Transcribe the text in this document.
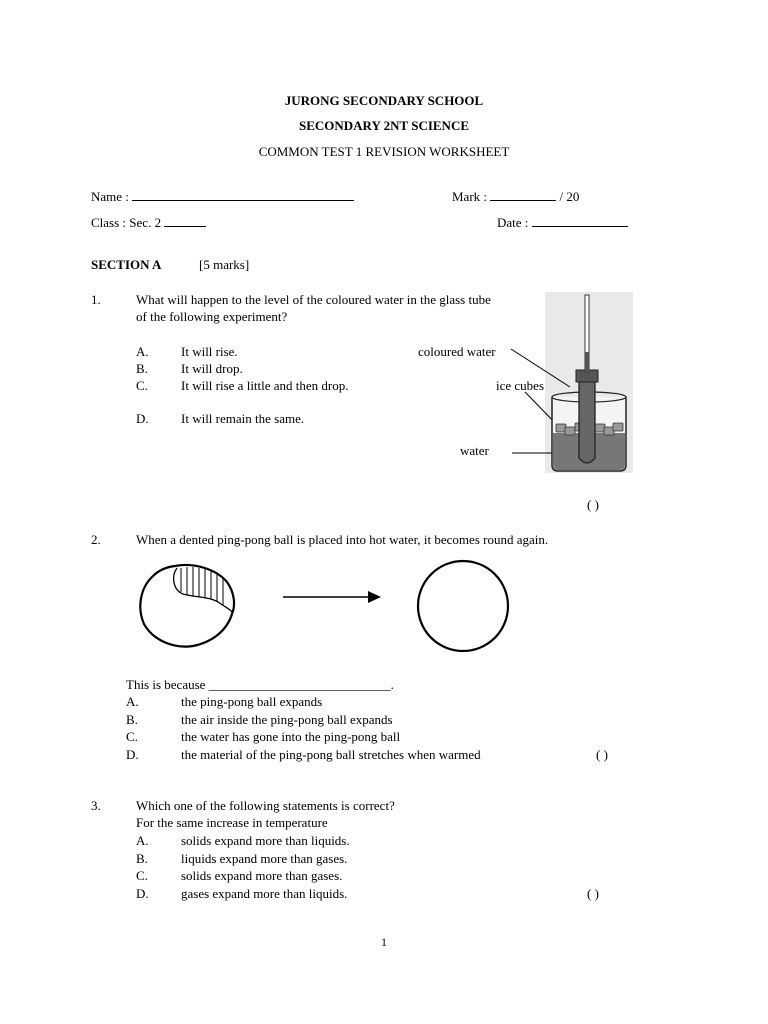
JURONG SECONDARY SCHOOL
SECONDARY 2NT SCIENCE
COMMON TEST 1 REVISION WORKSHEET
Name :	Mark :	/ 20
Class : Sec. 2	Date :
SECTION A	[5 marks]
1.	What will happen to the level of the coloured water in the glass tube
of the following experiment?
A. It will rise.
B.	It will drop.
C.	It will rise a little and then drop.
D. It will remain the same.
coloured water
ice cubes
water
( )
2.	When a dented ping-pong ball is placed into hot water, it becomes round again.
This is because ____________________________.
A.	the ping-pong ball expands
B.	the air inside the ping-pong ball expands
C.	the water has gone into the ping-pong ball
D.	the material of the ping-pong ball stretches when warmed	( )
3.	Which one of the following statements is correct?
For the same increase in temperature
A. solids expand more than liquids.
B.	liquids expand more than gases.
C.	solids expand more than gases.
D. gases expand more than liquids.	( )
1
